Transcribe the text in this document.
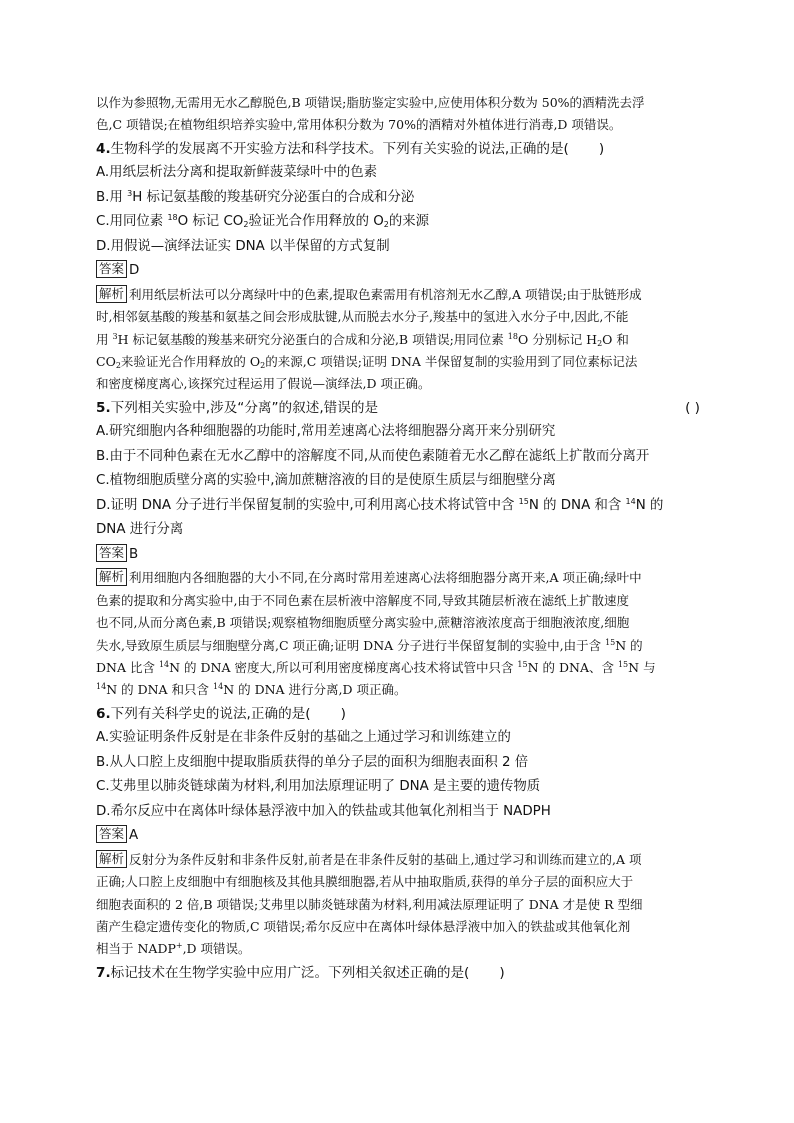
以作为参照物,无需用无水乙醇脱色,B 项错误;脂肪鉴定实验中,应使用体积分数为 50%的酒精洗去浮

色,C 项错误;在植物组织培养实验中,常用体积分数为 70%的酒精对外植体进行消毒,D 项错误。

4.生物科学的发展离不开实验方法和科学技术。下列有关实验的说法,正确的是( )

A.用纸层析法分离和提取新鲜菠菜绿叶中的色素

B.用 $^3$H 标记氨基酸的羧基研究分泌蛋白的合成和分泌

C.用同位素 $^{18}$O 标记 $CO_2$验证光合作用释放的 $O_2$的来源

D.用假说—演绎法证实 DNA 以半保留的方式复制

答案 D

解析 利用纸层析法可以分离绿叶中的色素,提取色素需用有机溶剂无水乙醇,A 项错误;由于肽链形成
时,相邻氨基酸的羧基和氨基之间会形成肽键,从而脱去水分子,羧基中的氢进入水分子中,因此,不能
用 $^3$H 标记氨基酸的羧基来研究分泌蛋白的合成和分泌,B 项错误;用同位素 $^{18}$O 分别标记 $H_2O$ 和
$CO_2$来验证光合作用释放的 $O_2$的来源,C 项错误;证明 DNA 半保留复制的实验用到了同位素标记法
和密度梯度离心,该探究过程运用了假说—演绎法,D 项正确。

5.下列相关实验中,涉及“分离”的叙述,错误的是	( )

A.研究细胞内各种细胞器的功能时,常用差速离心法将细胞器分离开来分别研究

B.由于不同种色素在无水乙醇中的溶解度不同,从而使色素随着无水乙醇在滤纸上扩散而分离开

C.植物细胞质壁分离的实验中,滴加蔗糖溶液的目的是使原生质层与细胞壁分离

D.证明 DNA 分子进行半保留复制的实验中,可利用离心技术将试管中含 $^{15}$N 的 DNA 和含 $^{14}$N 的
DNA 进行分离

答案 B

解析 利用细胞内各细胞器的大小不同,在分离时常用差速离心法将细胞器分离开来,A 项正确;绿叶中
色素的提取和分离实验中,由于不同色素在层析液中溶解度不同,导致其随层析液在滤纸上扩散速度
也不同,从而分离色素,B 项错误;观察植物细胞质壁分离实验中,蔗糖溶液浓度高于细胞液浓度,细胞
失水,导致原生质层与细胞壁分离,C 项正确;证明 DNA 分子进行半保留复制的实验中,由于含 $^{15}$N 的
DNA 比含 $^{14}$N 的 DNA 密度大,所以可利用密度梯度离心技术将试管中只含 $^{15}$N 的 DNA、含 $^{15}$N 与
$^{14}$N 的 DNA 和只含 $^{14}$N 的 DNA 进行分离,D 项正确。

6.下列有关科学史的说法,正确的是( )

A.实验证明条件反射是在非条件反射的基础之上通过学习和训练建立的

B.从人口腔上皮细胞中提取脂质获得的单分子层的面积为细胞表面积 2 倍

C.艾弗里以肺炎链球菌为材料,利用加法原理证明了 DNA 是主要的遗传物质

D.希尔反应中在离体叶绿体悬浮液中加入的铁盐或其他氧化剂相当于 NADPH

答案 A

解析 反射分为条件反射和非条件反射,前者是在非条件反射的基础上,通过学习和训练而建立的,A 项
正确;人口腔上皮细胞中有细胞核及其他具膜细胞器,若从中抽取脂质,获得的单分子层的面积应大于
细胞表面积的 2 倍,B 项错误;艾弗里以肺炎链球菌为材料,利用减法原理证明了 DNA 才是使 R 型细
菌产生稳定遗传变化的物质,C 项错误;希尔反应中在离体叶绿体悬浮液中加入的铁盐或其他氧化剂
相当于 NADP+,D 项错误。

7.标记技术在生物学实验中应用广泛。下列相关叙述正确的是( )
